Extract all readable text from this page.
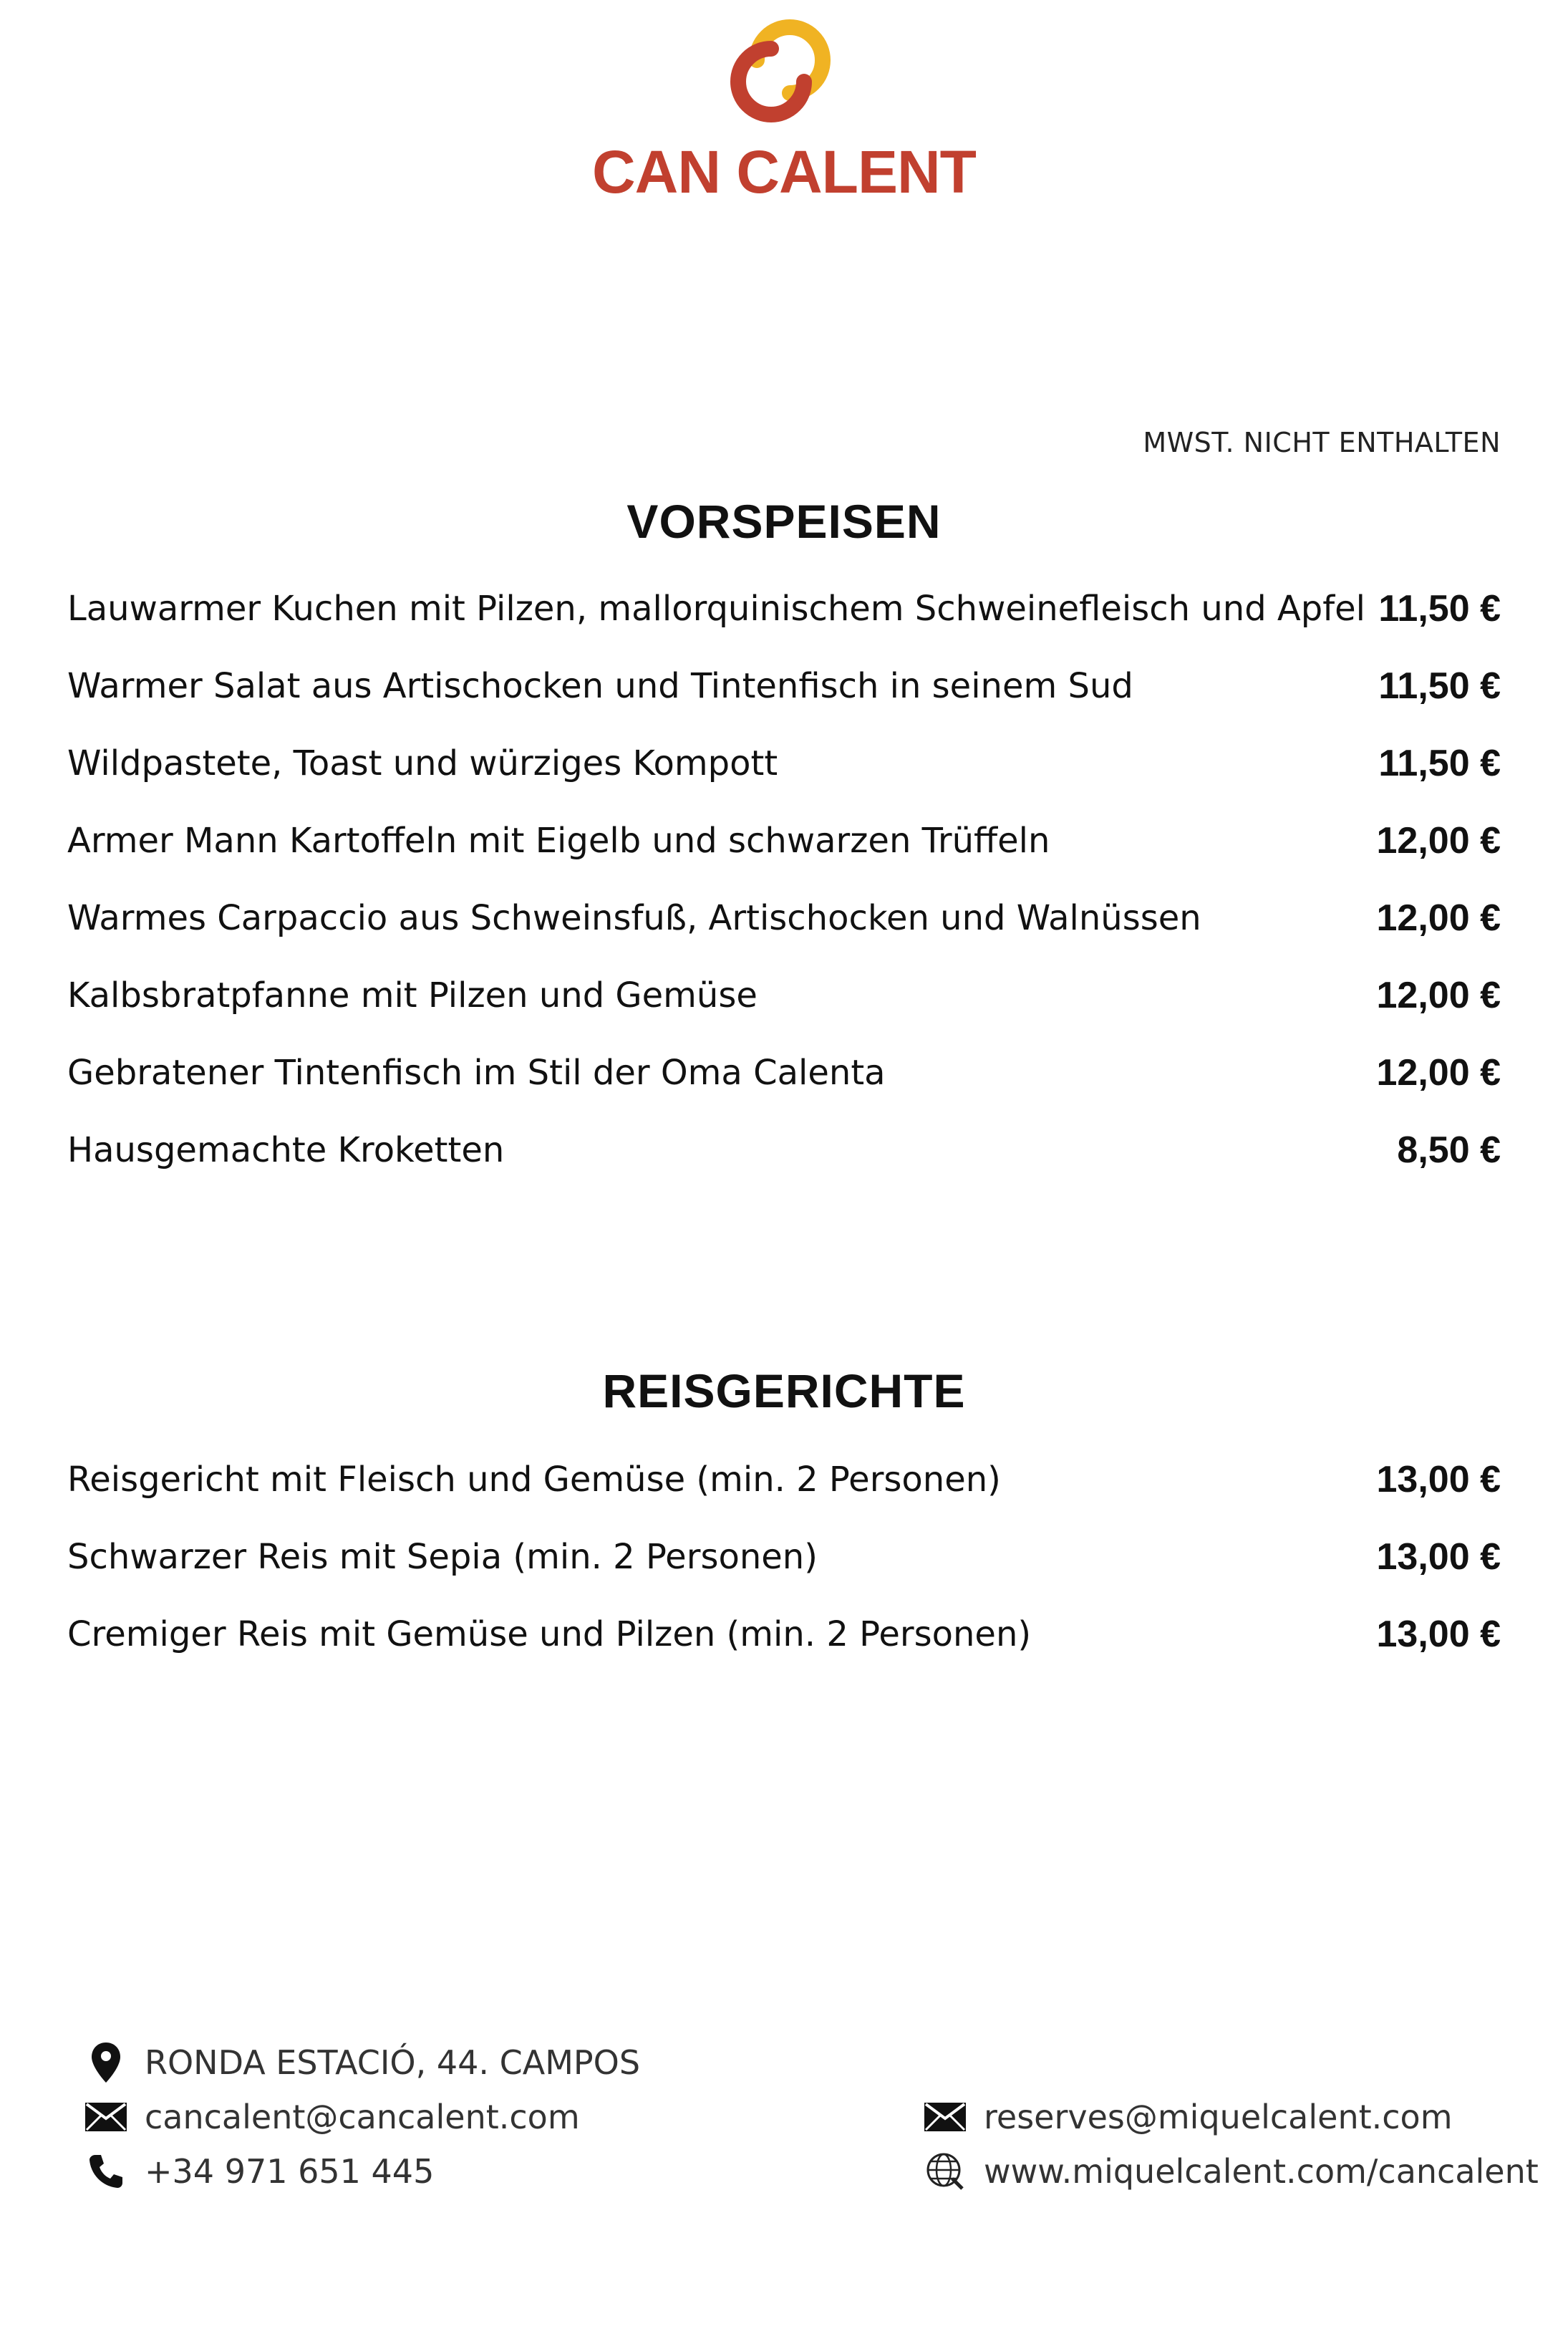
CAN CALENT
MWST. NICHT ENTHALTEN
VORSPEISEN
Lauwarmer Kuchen mit Pilzen, mallorquinischem Schweinefleisch und Apfel 11,50 €
Warmer Salat aus Artischocken und Tintenfisch in seinem Sud	11,50 €
Wildpastete, Toast und würziges Kompott	11,50 €
Armer Mann Kartoffeln mit Eigelb und schwarzen Trüffeln	12,00 €
Warmes Carpaccio aus Schweinsfuß, Artischocken und Walnüssen	12,00 €
Kalbsbratpfanne mit Pilzen und Gemüse	12,00 €
Gebratener Tintenfisch im Stil der Oma Calenta	12,00 €
Hausgemachte Kroketten	8,50 €
REISGERICHTE
Reisgericht mit Fleisch und Gemüse (min. 2 Personen)	13,00 €
Schwarzer Reis mit Sepia (min. 2 Personen)	13,00 €
Cremiger Reis mit Gemüse und Pilzen (min. 2 Personen)	13,00 €
RONDA ESTACIÓ, 44. CAMPOS
cancalent@cancalent.com
+34 971 651 445
reserves@miquelcalent.com
www.miquelcalent.com/cancalent
